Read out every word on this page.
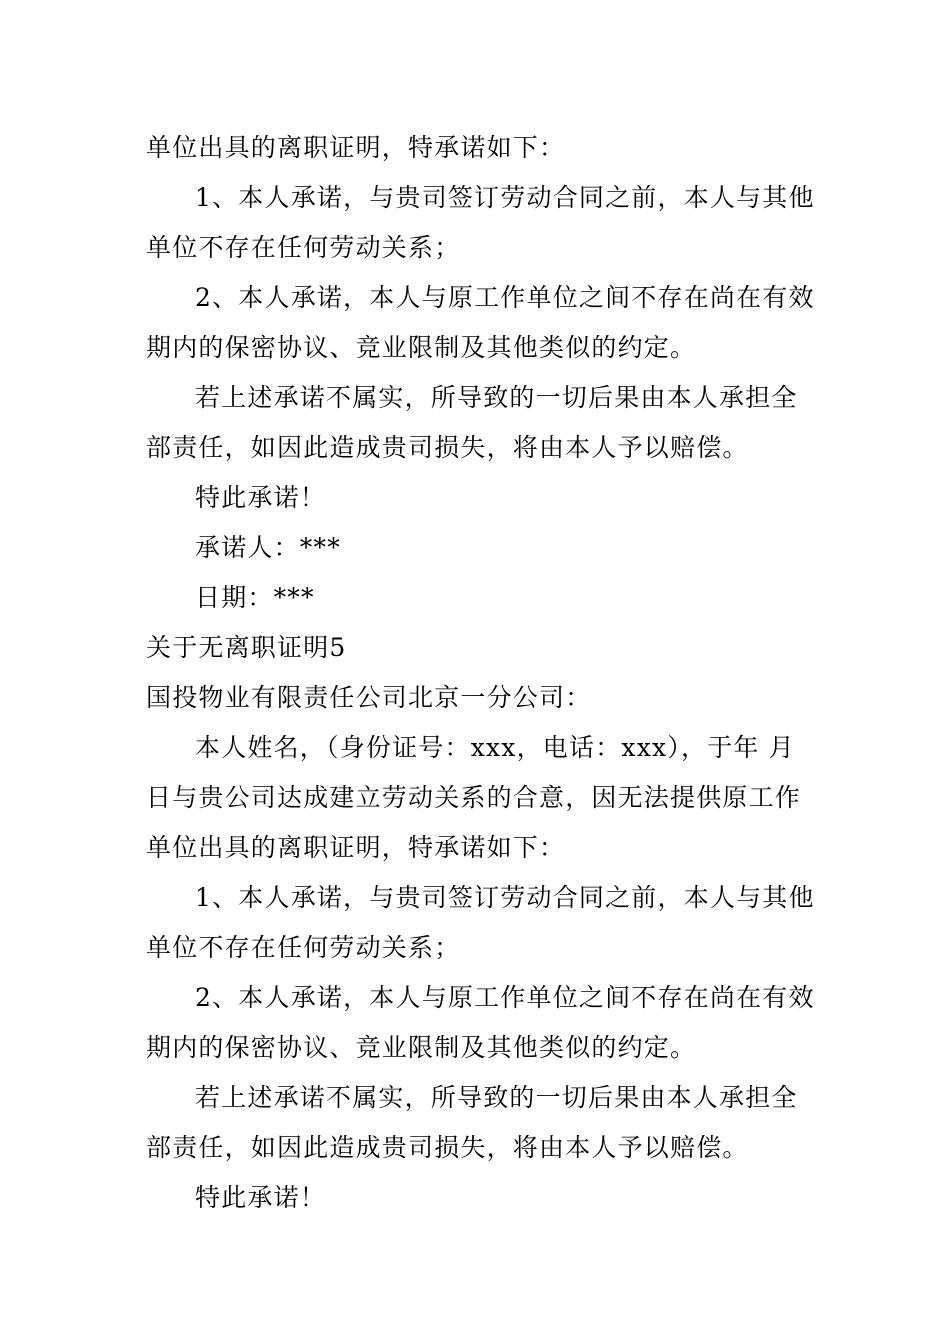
单位出具的离职证明，特承诺如下：
1、本人承诺，与贵司签订劳动合同之前，本人与其他
单位不存在任何劳动关系；
2、本人承诺，本人与原工作单位之间不存在尚在有效
期内的保密协议、竞业限制及其他类似的约定。
若上述承诺不属实，所导致的一切后果由本人承担全
部责任，如因此造成贵司损失，将由本人予以赔偿。
特此承诺！
承诺人：***
日期：***
关于无离职证明5
国投物业有限责任公司北京一分公司：
本人姓名，（身份证号：xxx，电话：xxx），于年 月
日与贵公司达成建立劳动关系的合意，因无法提供原工作
单位出具的离职证明，特承诺如下：
1、本人承诺，与贵司签订劳动合同之前，本人与其他
单位不存在任何劳动关系；
2、本人承诺，本人与原工作单位之间不存在尚在有效
期内的保密协议、竞业限制及其他类似的约定。
若上述承诺不属实，所导致的一切后果由本人承担全
部责任，如因此造成贵司损失，将由本人予以赔偿。
特此承诺！
